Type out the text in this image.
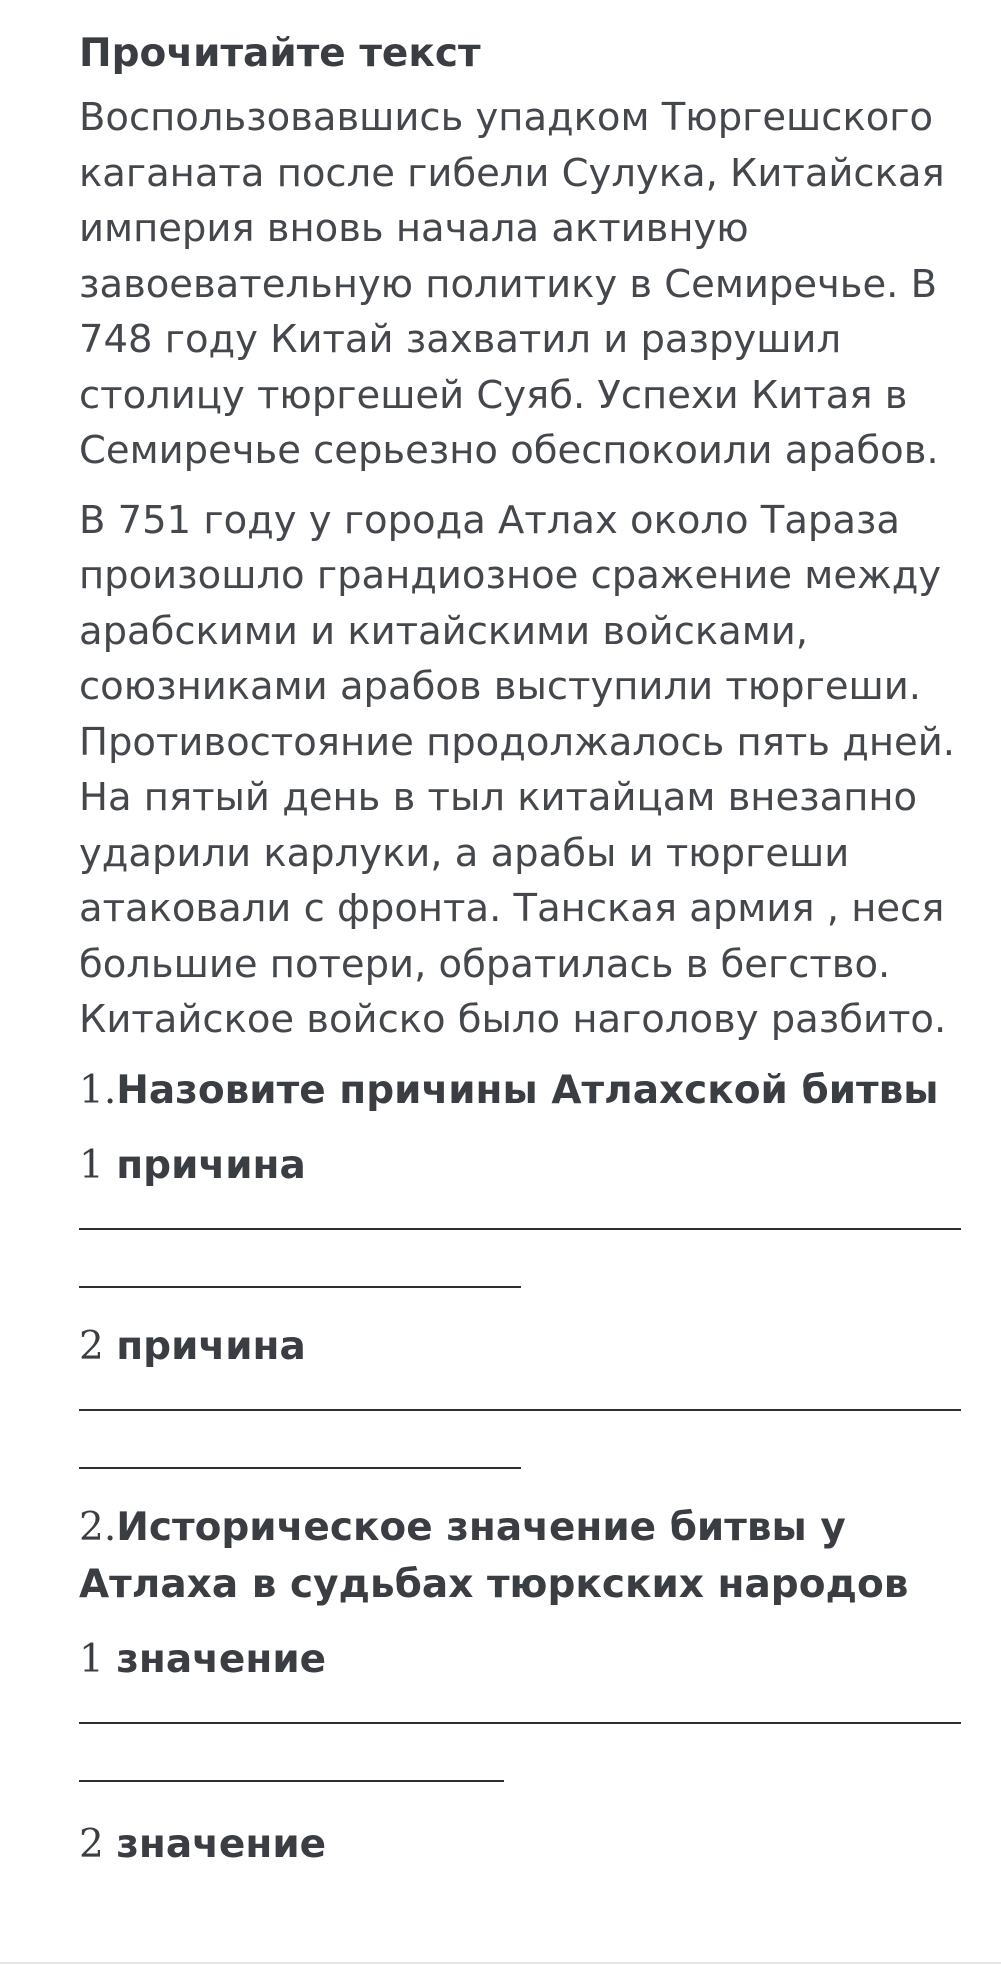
Прочитайте текст
Воспользовавшись упадком Тюргешского каганата после гибели Сулука, Китайская империя вновь начала активную завоевательную политику в Семиречье. В 748 году Китай захватил и разрушил столицу тюргешей Суяб. Успехи Китая в Семиречье серьезно обеспокоили арабов.
В 751 году у города Атлах около Тараза произошло грандиозное сражение между арабскими и китайскими войсками, союзниками арабов выступили тюргеши. Противостояние продолжалось пять дней. На пятый день в тыл китайцам внезапно ударили карлуки, а арабы и тюргеши атаковали с фронта. Танская армия , неся большие потери, обратилась в бегство. Китайское войско было наголову разбито.
1.Назовите причины Атлахской битвы
1 причина
2 причина
2.Историческое значение битвы у Атлаха в судьбах тюркских народов
1 значение
2 значение
